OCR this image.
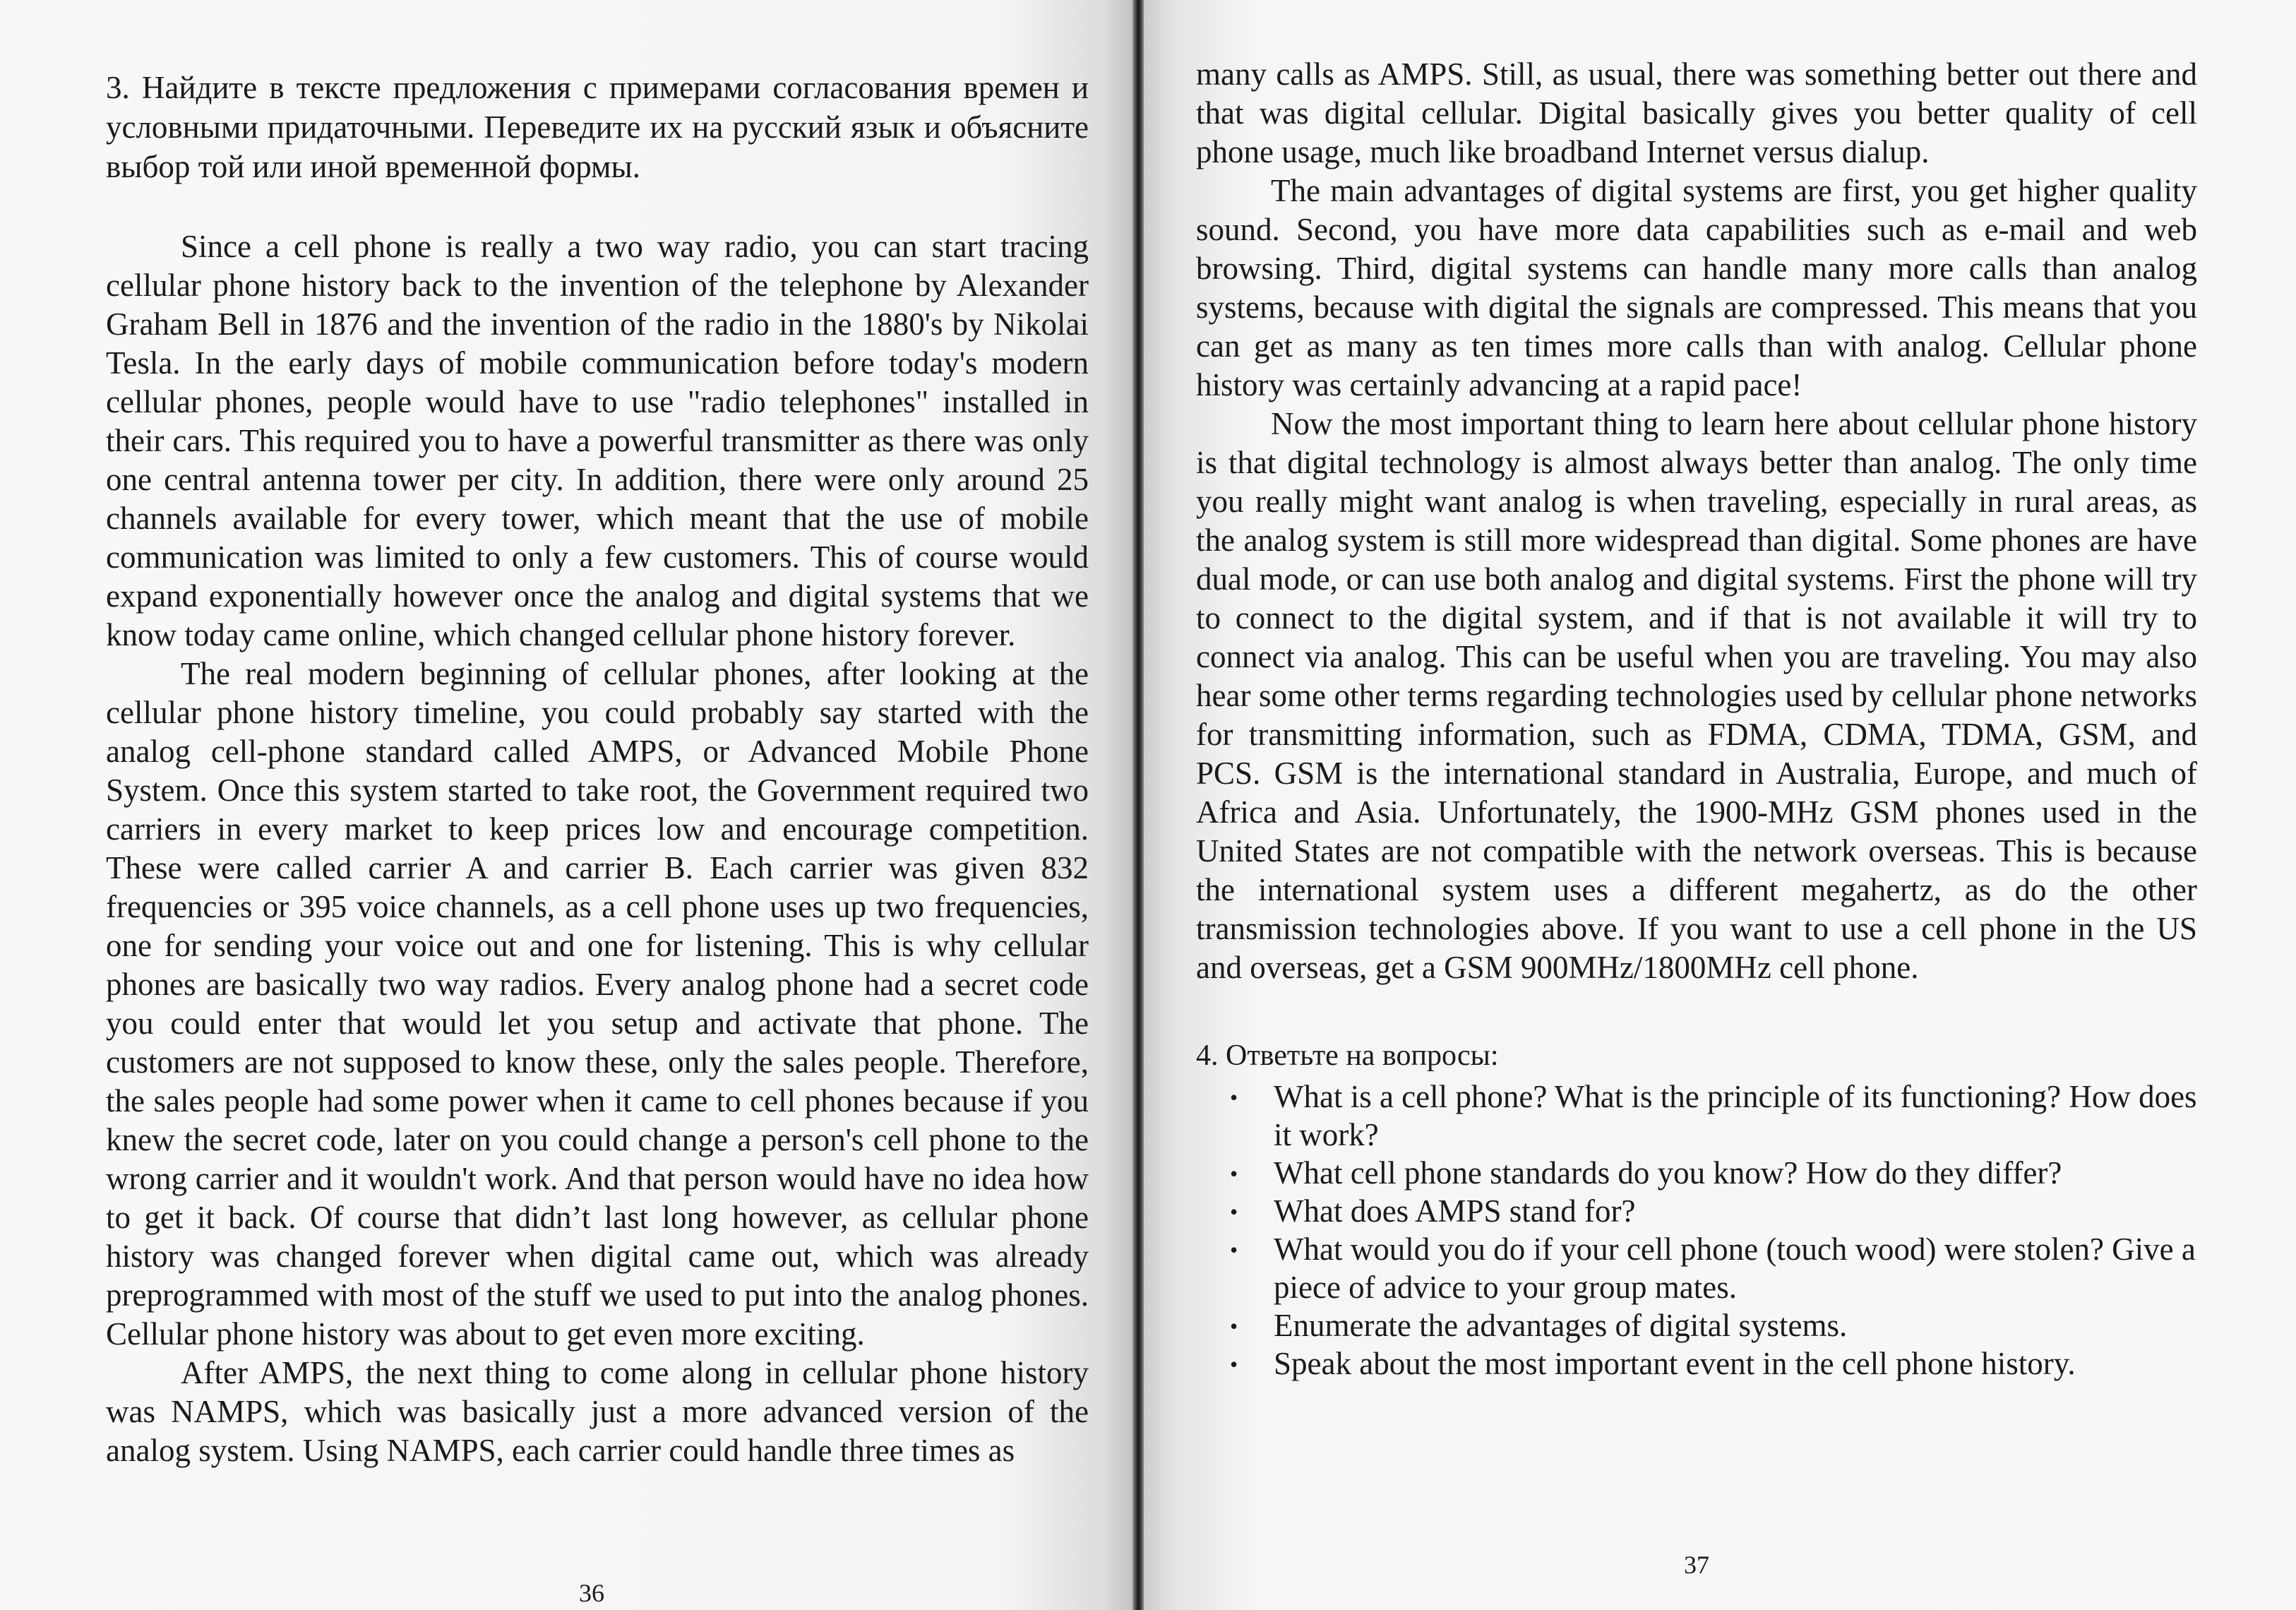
3. Найдите в тексте предложения с примерами согласования времен и условными придаточными. Переведите их на русский язык и объясните выбор той или иной временной формы.

Since a cell phone is really a two way radio, you can start tracing cellular phone history back to the invention of the telephone by Alexander Graham Bell in 1876 and the invention of the radio in the 1880's by Nikolai Tesla. In the early days of mobile communication before today's modern cellular phones, people would have to use "radio telephones" installed in their cars. This required you to have a powerful transmitter as there was only one central antenna tower per city. In addition, there were only around 25 channels available for every tower, which meant that the use of mobile communication was limited to only a few customers. This of course would expand exponentially however once the analog and digital systems that we know today came online, which changed cellular phone history forever.

The real modern beginning of cellular phones, after looking at the cellular phone history timeline, you could probably say started with the analog cell-phone standard called AMPS, or Advanced Mobile Phone System. Once this system started to take root, the Government required two carriers in every market to keep prices low and encourage competition. These were called carrier A and carrier B. Each carrier was given 832 frequencies or 395 voice channels, as a cell phone uses up two frequencies, one for sending your voice out and one for listening. This is why cellular phones are basically two way radios. Every analog phone had a secret code you could enter that would let you setup and activate that phone. The customers are not supposed to know these, only the sales people. Therefore, the sales people had some power when it came to cell phones because if you knew the secret code, later on you could change a person's cell phone to the wrong carrier and it wouldn't work. And that person would have no idea how to get it back. Of course that didn’t last long however, as cellular phone history was changed forever when digital came out, which was already preprogrammed with most of the stuff we used to put into the analog phones. Cellular phone history was about to get even more exciting.

After AMPS, the next thing to come along in cellular phone history was NAMPS, which was basically just a more advanced version of the analog system. Using NAMPS, each carrier could handle three times as

36

many calls as AMPS. Still, as usual, there was something better out there and that was digital cellular. Digital basically gives you better quality of cell phone usage, much like broadband Internet versus dialup.

The main advantages of digital systems are first, you get higher quality sound. Second, you have more data capabilities such as e-mail and web browsing. Third, digital systems can handle many more calls than analog systems, because with digital the signals are compressed. This means that you can get as many as ten times more calls than with analog. Cellular phone history was certainly advancing at a rapid pace!

Now the most important thing to learn here about cellular phone history is that digital technology is almost always better than analog. The only time you really might want analog is when traveling, especially in rural areas, as the analog system is still more widespread than digital. Some phones are have dual mode, or can use both analog and digital systems. First the phone will try to connect to the digital system, and if that is not available it will try to connect via analog. This can be useful when you are traveling. You may also hear some other terms regarding technologies used by cellular phone networks for transmitting information, such as FDMA, CDMA, TDMA, GSM, and PCS. GSM is the international standard in Australia, Europe, and much of Africa and Asia. Unfortunately, the 1900-MHz GSM phones used in the United States are not compatible with the network overseas. This is because the international system uses a different megahertz, as do the other transmission technologies above. If you want to use a cell phone in the US and overseas, get a GSM 900MHz/1800MHz cell phone.

4. Ответьте на вопросы:
• What is a cell phone? What is the principle of its functioning? How does it work?
• What cell phone standards do you know? How do they differ?
• What does AMPS stand for?
• What would you do if your cell phone (touch wood) were stolen? Give a piece of advice to your group mates.
• Enumerate the advantages of digital systems.
• Speak about the most important event in the cell phone history.
37
